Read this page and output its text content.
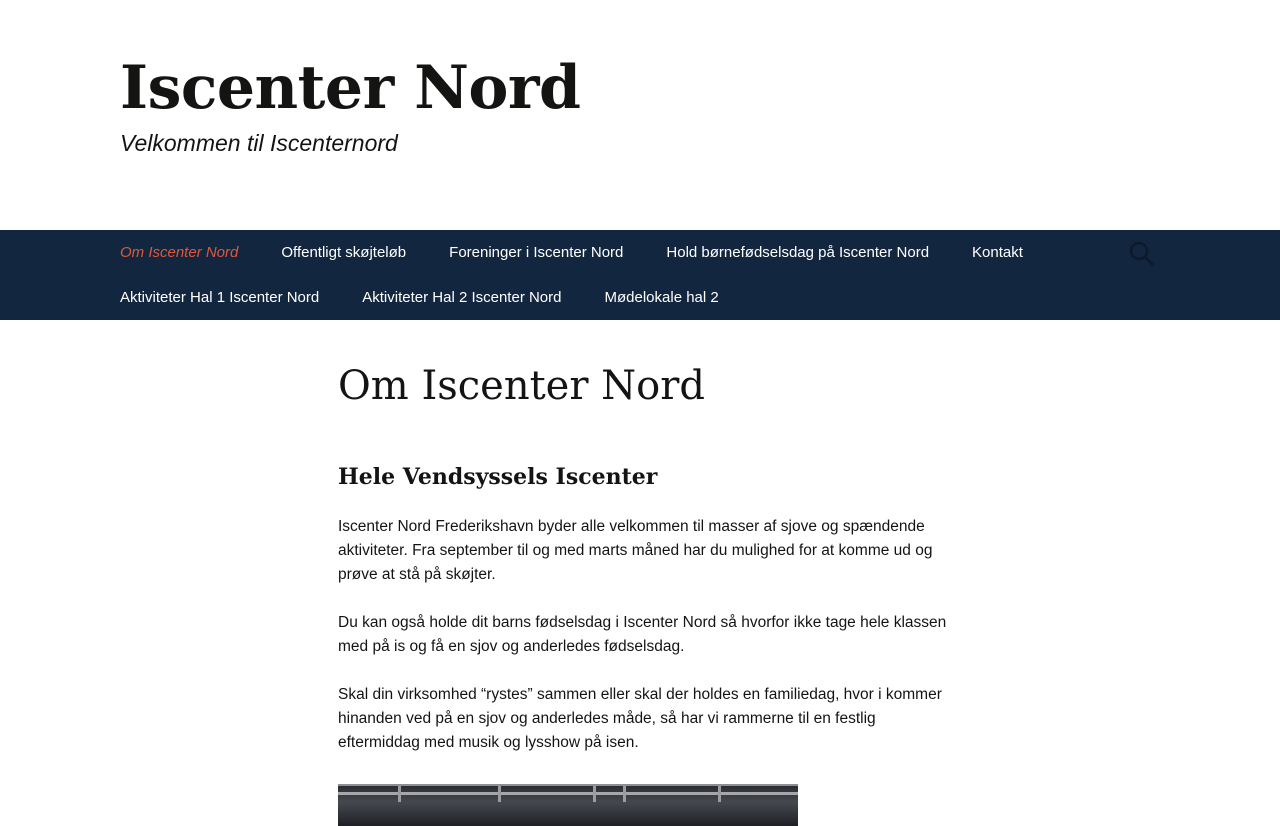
Iscenter Nord
Velkommen til Iscenternord
Om Iscenter Nord	Offentligt skøjteløb	Foreninger i Iscenter Nord	Hold børnefødselsdag på Iscenter Nord	Kontakt
Aktiviteter Hal 1 Iscenter Nord	Aktiviteter Hal 2 Iscenter Nord	Mødelokale hal 2
Om Iscenter Nord
Hele Vendsyssels Iscenter

Iscenter Nord Frederikshavn byder alle velkommen til masser af sjove og spændende aktiviteter. Fra september til og med marts måned har du mulighed for at komme ud og prøve at stå på skøjter.

Du kan også holde dit barns fødselsdag i Iscenter Nord så hvorfor ikke tage hele klassen med på is og få en sjov og anderledes fødselsdag.

Skal din virksomhed “rystes” sammen eller skal der holdes en familiedag, hvor i kommer hinanden ved på en sjov og anderledes måde, så har vi rammerne til en festlig eftermiddag med musik og lysshow på isen.
